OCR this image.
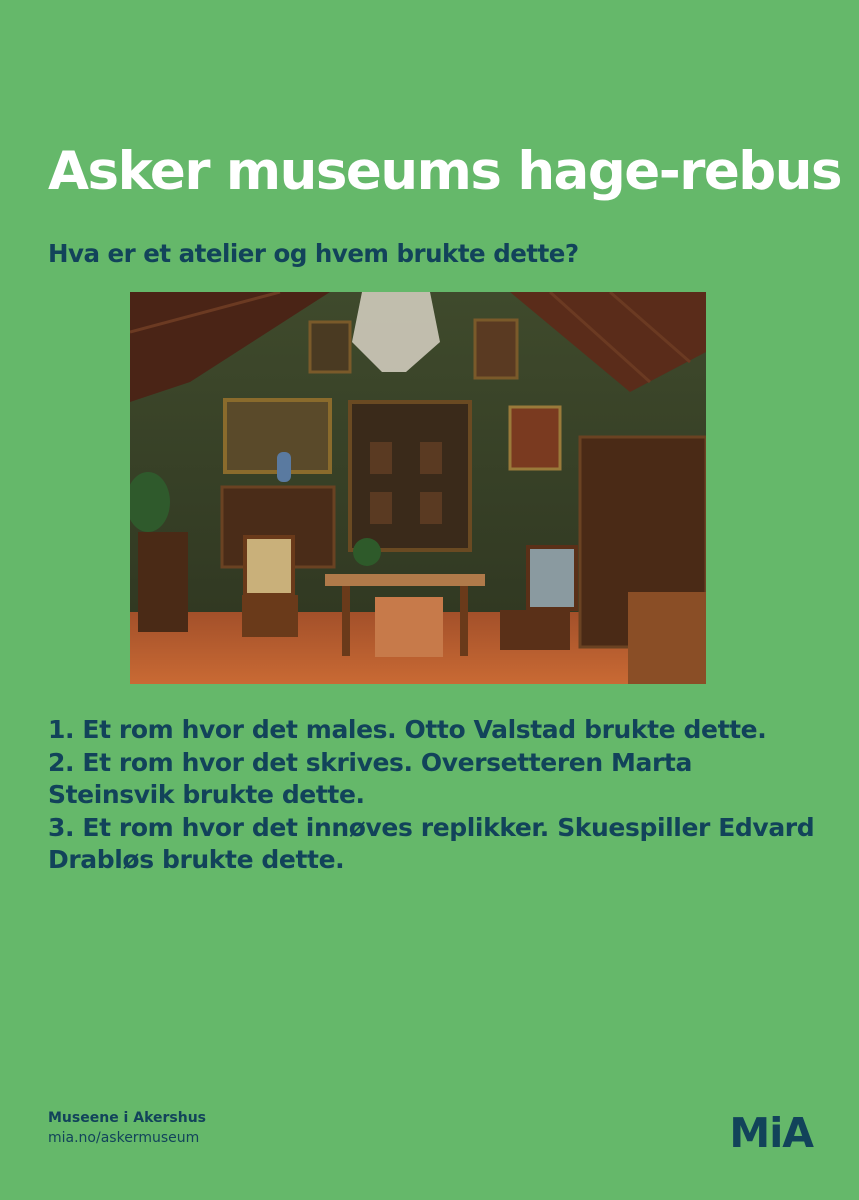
Asker museums hage-rebus
Hva er et atelier og hvem brukte dette?

1. Et rom hvor det males. Otto Valstad brukte dette.

2. Et rom hvor det skrives. Oversetteren Marta Steinsvik brukte dette.

3. Et rom hvor det innøves replikker. Skuespiller Edvard Drabløs brukte dette.

Museene i Akershus
mia.no/askermuseum	MiA
